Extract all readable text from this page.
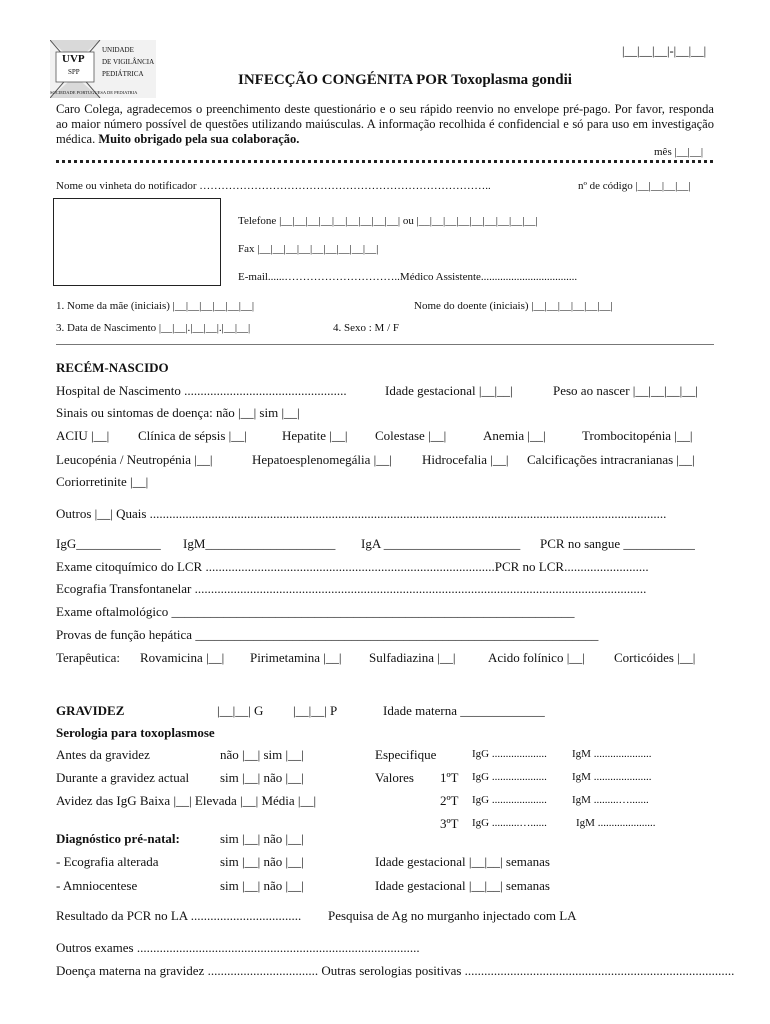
UVP
SPP
UNIDADE
DE VIGILÂNCIA
PEDIÁTRICA
SOCIEDADE PORTUGUESA DE PEDIATRIA
|__|__|__|-|__|__|
INFECÇÃO CONGÉNITA POR Toxoplasma gondii
Caro Colega, agradecemos o preenchimento deste questionário e o seu rápido reenvio no envelope pré-pago. Por favor, responda ao maior número possível de questões utilizando maiúsculas. A informação recolhida é confidencial e só para uso em investigação médica. Muito obrigado pela sua colaboração.
mês |__|__|
Nome ou vinheta do notificador ……………………………………………………………………..	nº de código |__|__|__|__|
Telefone |__|__|__|__|__|__|__|__|__| ou |__|__|__|__|__|__|__|__|__|
Fax |__|__|__|__|__|__|__|__|__|
E-mail......…………………………..Médico Assistente...................................
1. Nome da mãe (iniciais) |__|__|__|__|__|__|	Nome do doente (iniciais) |__|__|__|__|__|__|
3. Data de Nascimento |__|__|.|__|__|.|__|__|	4. Sexo : M / F
RECÉM-NASCIDO
Hospital de Nascimento ..................................................	Idade gestacional |__|__|	Peso ao nascer |__|__|__|__|
Sinais ou sintomas de doença: não |__| sim |__|
ACIU |__| Clínica de sépsis |__|	Hepatite |__| Colestase |__|	Anemia |__|	Trombocitopénia |__|
Leucopénia / Neutropénia |__|	Hepatoesplenomegália |__| Hidrocefalia |__| Calcificações intracranianas |__|
Coriorretinite |__|
Outros |__| Quais ...............................................................................................................................................................
IgG_____________ IgM____________________ IgA _____________________ PCR no sangue ___________
Exame citoquímico do LCR .........................................................................................PCR no LCR..........................
Ecografia Transfontanelar ...........................................................................................................................................
Exame oftalmológico ______________________________________________________________
Provas de função hepática ______________________________________________________________
Terapêutica: Rovamicina |__| Pirimetamina |__| Sulfadiazina |__|	Acido folínico |__| Corticóides |__|
GRAVIDEZ	|__|__| G |__|__| P	Idade materna _____________
Serologia para toxoplasmose
Antes da gravidez	não |__| sim |__|	Especifique	IgG .................... IgM .....................
Durante a gravidez actual sim |__| não |__|	Valores 1ºT IgG .................... IgM .....................
Avidez das IgG Baixa |__| Elevada |__| Média |__|	2ºT IgG .................... IgM .........….......
3ºT IgG ..........…......	IgM .....................
Diagnóstico pré-natal:	sim |__| não |__|
- Ecografia alterada	sim |__| não |__|	Idade gestacional |__|__| semanas
- Amniocentese	sim |__| não |__|	Idade gestacional |__|__| semanas
Resultado da PCR no LA .................................. Pesquisa de Ag no murganho injectado com LA
Outros exames .......................................................................................
Doença materna na gravidez .................................. Outras serologias positivas ...................................................................................
